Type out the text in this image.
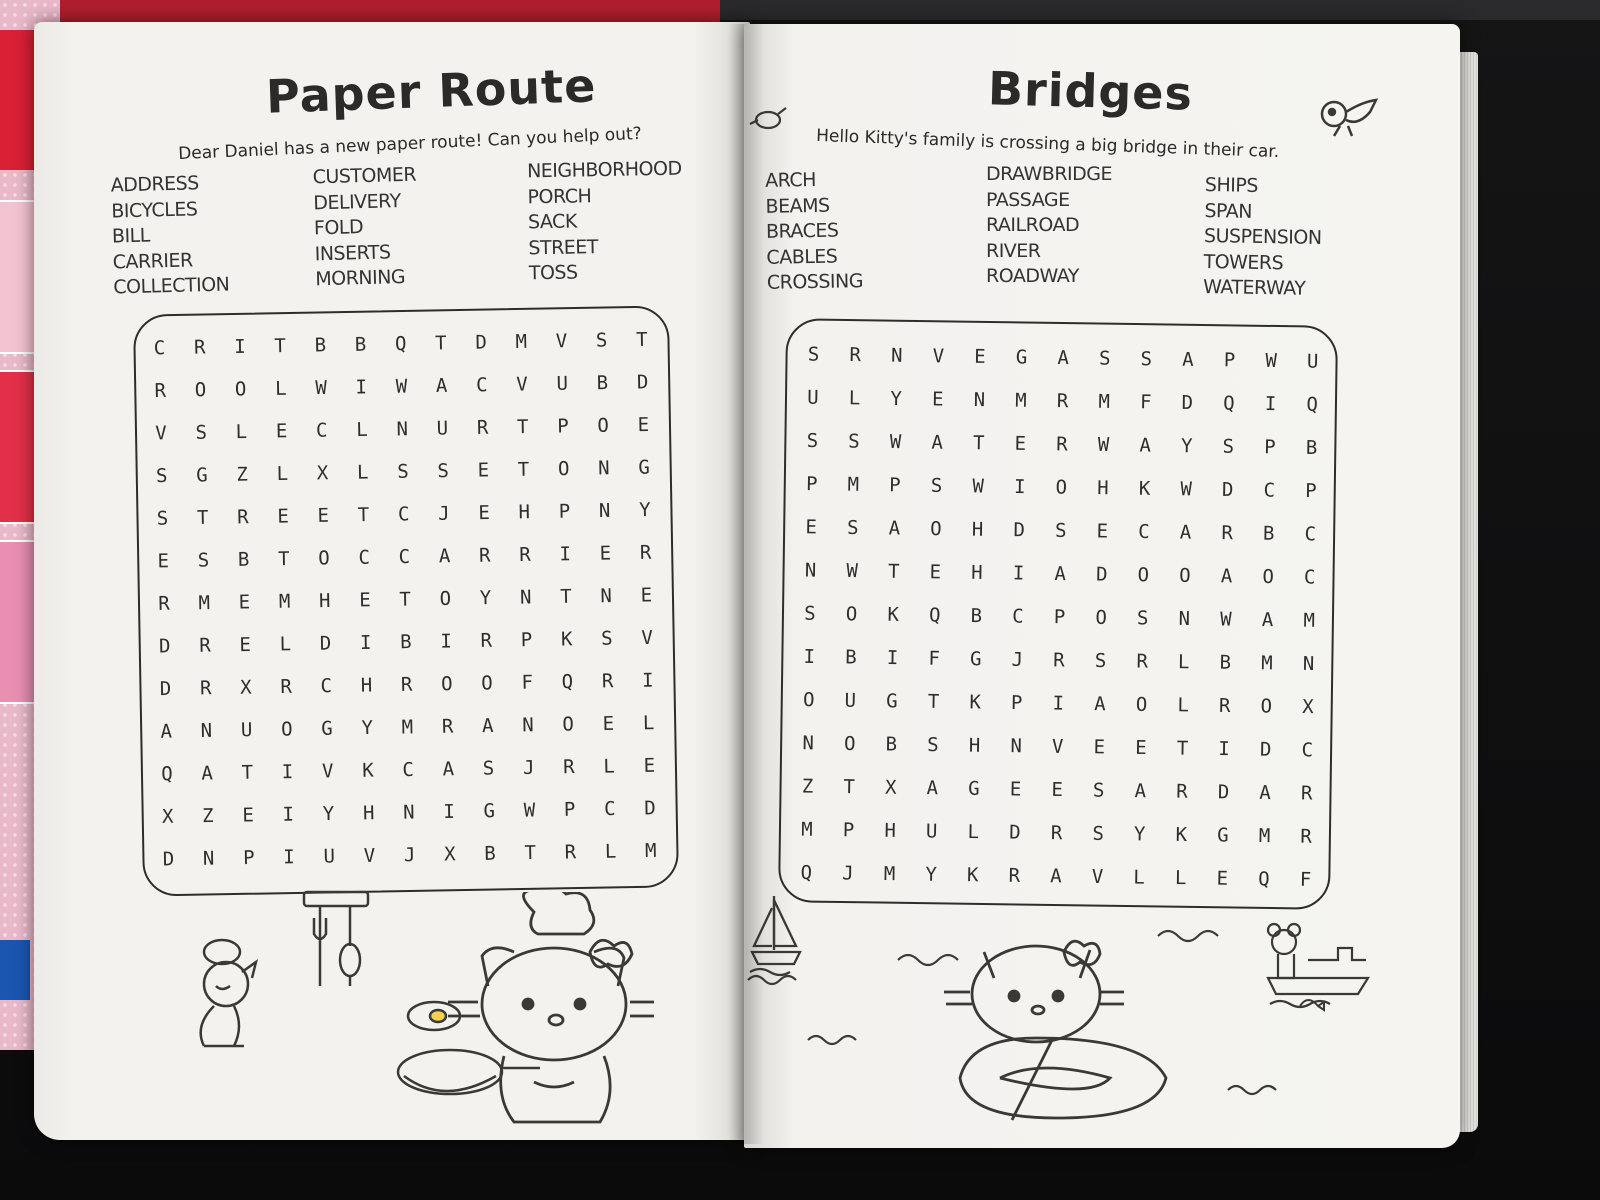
Paper Route
Dear Daniel has a new paper route! Can you help out?
ADDRESS
BICYCLES
BILL
CARRIER
COLLECTION
CUSTOMER
DELIVERY
FOLD
INSERTS
MORNING
NEIGHBORHOOD
PORCH
SACK
STREET
TOSS
C R I T B B Q T D M V S T
R O O L W I W A C V U B D
V S L E C L N U R T P O E
S G Z L X L S S E T O N G
S T R E E T C J E H P N Y
E S B T O C C A R R I E R
R M E M H E T O Y N T N E
D R E L D I B I R P K S V
D R X R C H R O O F Q R I
A N U O G Y M R A N O E L
Q A T I V K C A S J R L E
X Z E I Y H N I G W P C D
D N P I U V J X B T R L M
Bridges
Hello Kitty's family is crossing a big bridge in their car.
ARCH
BEAMS
BRACES
CABLES
CROSSING
DRAWBRIDGE
PASSAGE
RAILROAD
RIVER
ROADWAY
SHIPS
SPAN
SUSPENSION
TOWERS
WATERWAY
S R N V E G A S S A P W U
U L Y E N M R M F D Q I Q
S S W A T E R W A Y S P B
P M P S W I O H K W D C P
E S A O H D S E C A R B C
N W T E H I A D O O A O C
S O K Q B C P O S N W A M
I B I F G J R S R L B M N
O U G T K P I A O L R O X
N O B S H N V E E T I D C
Z T X A G E E S A R D A R
M P H U L D R S Y K G M R
Q J M Y K R A V L L E Q F
